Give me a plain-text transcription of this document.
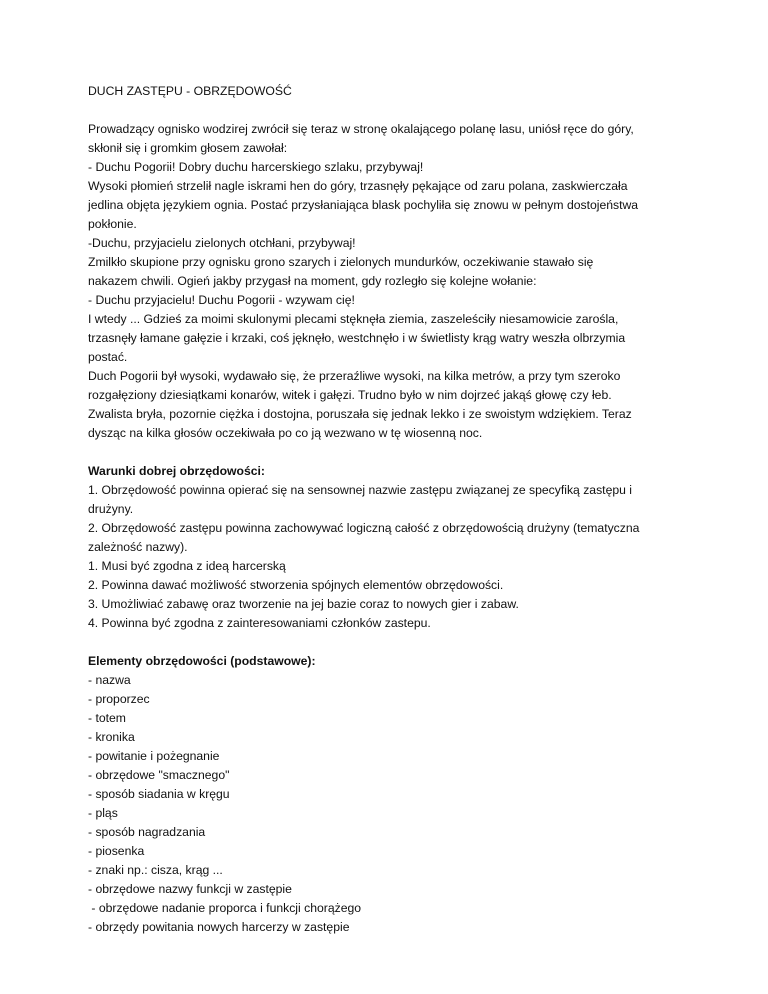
DUCH ZASTĘPU - OBRZĘDOWOŚĆ
Prowadzący ognisko wodzirej zwrócił się teraz w stronę okalającego polanę lasu, uniósł ręce do góry,
skłonił się i gromkim głosem zawołał:
- Duchu Pogorii! Dobry duchu harcerskiego szlaku, przybywaj!
Wysoki płomień strzelił nagle iskrami hen do góry, trzasnęły pękające od zaru polana, zaskwierczała
jedlina objęta językiem ognia. Postać przysłaniająca blask pochyliła się znowu w pełnym dostojeństwa
pokłonie.
-Duchu, przyjacielu zielonych otchłani, przybywaj!
Zmilkło skupione przy ognisku grono szarych i zielonych mundurków, oczekiwanie stawało się
nakazem chwili. Ogień jakby przygasł na moment, gdy rozległo się kolejne wołanie:
- Duchu przyjacielu! Duchu Pogorii - wzywam cię!
I wtedy ... Gdzieś za moimi skulonymi plecami stęknęła ziemia, zaszeleściły niesamowicie zarośla,
trzasnęły łamane gałęzie i krzaki, coś jęknęło, westchnęło i w świetlisty krąg watry weszła olbrzymia
postać.
Duch Pogorii był wysoki, wydawało się, że przeraźliwe wysoki, na kilka metrów, a przy tym szeroko
rozgałęziony dziesiątkami konarów, witek i gałęzi. Trudno było w nim dojrzeć jakąś głowę czy łeb.
Zwalista bryła, pozornie ciężka i dostojna, poruszała się jednak lekko i ze swoistym wdziękiem. Teraz
dysząc na kilka głosów oczekiwała po co ją wezwano w tę wiosenną noc.
Warunki dobrej obrzędowości:
1. Obrzędowość powinna opierać się na sensownej nazwie zastępu związanej ze specyfiką zastępu i
drużyny.
2. Obrzędowość zastępu powinna zachowywać logiczną całość z obrzędowością drużyny (tematyczna
zależność nazwy).
1. Musi być zgodna z ideą harcerską
2. Powinna dawać możliwość stworzenia spójnych elementów obrzędowości.
3. Umożliwiać zabawę oraz tworzenie na jej bazie coraz to nowych gier i zabaw.
4. Powinna być zgodna z zainteresowaniami członków zastepu.
Elementy obrzędowości (podstawowe):
- nazwa
- proporzec
- totem
- kronika
- powitanie i pożegnanie
- obrzędowe "smacznego"
- sposób siadania w kręgu
- pląs
- sposób nagradzania
- piosenka
- znaki np.: cisza, krąg ...
- obrzędowe nazwy funkcji w zastępie
- obrzędowe nadanie proporca i funkcji chorążego
- obrzędy powitania nowych harcerzy w zastępie
